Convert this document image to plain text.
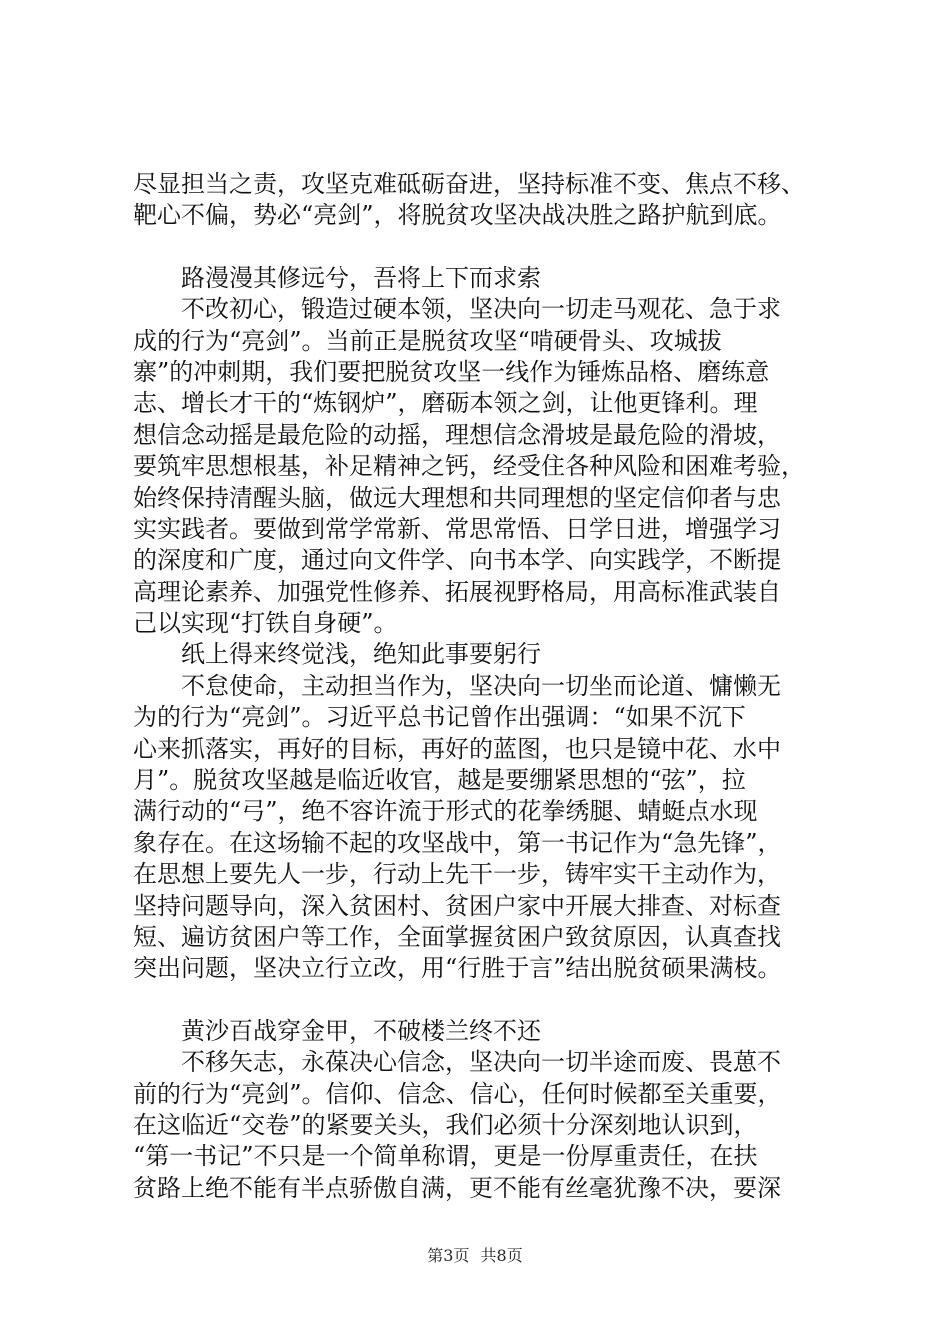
尽显担当之责，攻坚克难砥砺奋进，坚持标准不变、焦点不移、
靶心不偏，势必“亮剑”，将脱贫攻坚决战决胜之路护航到底。
路漫漫其修远兮，吾将上下而求索
不改初心，锻造过硬本领，坚决向一切走马观花、急于求
成的行为“亮剑”。当前正是脱贫攻坚“啃硬骨头、攻城拔
寨”的冲刺期，我们要把脱贫攻坚一线作为锤炼品格、磨练意
志、增长才干的“炼钢炉”，磨砺本领之剑，让他更锋利。理
想信念动摇是最危险的动摇，理想信念滑坡是最危险的滑坡，
要筑牢思想根基，补足精神之钙，经受住各种风险和困难考验，
始终保持清醒头脑，做远大理想和共同理想的坚定信仰者与忠
实实践者。要做到常学常新、常思常悟、日学日进，增强学习
的深度和广度，通过向文件学、向书本学、向实践学，不断提
高理论素养、加强党性修养、拓展视野格局，用高标准武装自
己以实现“打铁自身硬”。
纸上得来终觉浅，绝知此事要躬行
不怠使命，主动担当作为，坚决向一切坐而论道、慵懒无
为的行为“亮剑”。习近平总书记曾作出强调：“如果不沉下
心来抓落实，再好的目标，再好的蓝图，也只是镜中花、水中
月”。脱贫攻坚越是临近收官，越是要绷紧思想的“弦”，拉
满行动的“弓”，绝不容许流于形式的花拳绣腿、蜻蜓点水现
象存在。在这场输不起的攻坚战中，第一书记作为“急先锋”，
在思想上要先人一步，行动上先干一步，铸牢实干主动作为，
坚持问题导向，深入贫困村、贫困户家中开展大排查、对标查
短、遍访贫困户等工作，全面掌握贫困户致贫原因，认真查找
突出问题，坚决立行立改，用“行胜于言”结出脱贫硕果满枝。
黄沙百战穿金甲，不破楼兰终不还
不移矢志，永葆决心信念，坚决向一切半途而废、畏葸不
前的行为“亮剑”。信仰、信念、信心，任何时候都至关重要，
在这临近“交卷”的紧要关头，我们必须十分深刻地认识到，
“第一书记”不只是一个简单称谓，更是一份厚重责任，在扶
贫路上绝不能有半点骄傲自满，更不能有丝毫犹豫不决，要深
第3页 共8页
